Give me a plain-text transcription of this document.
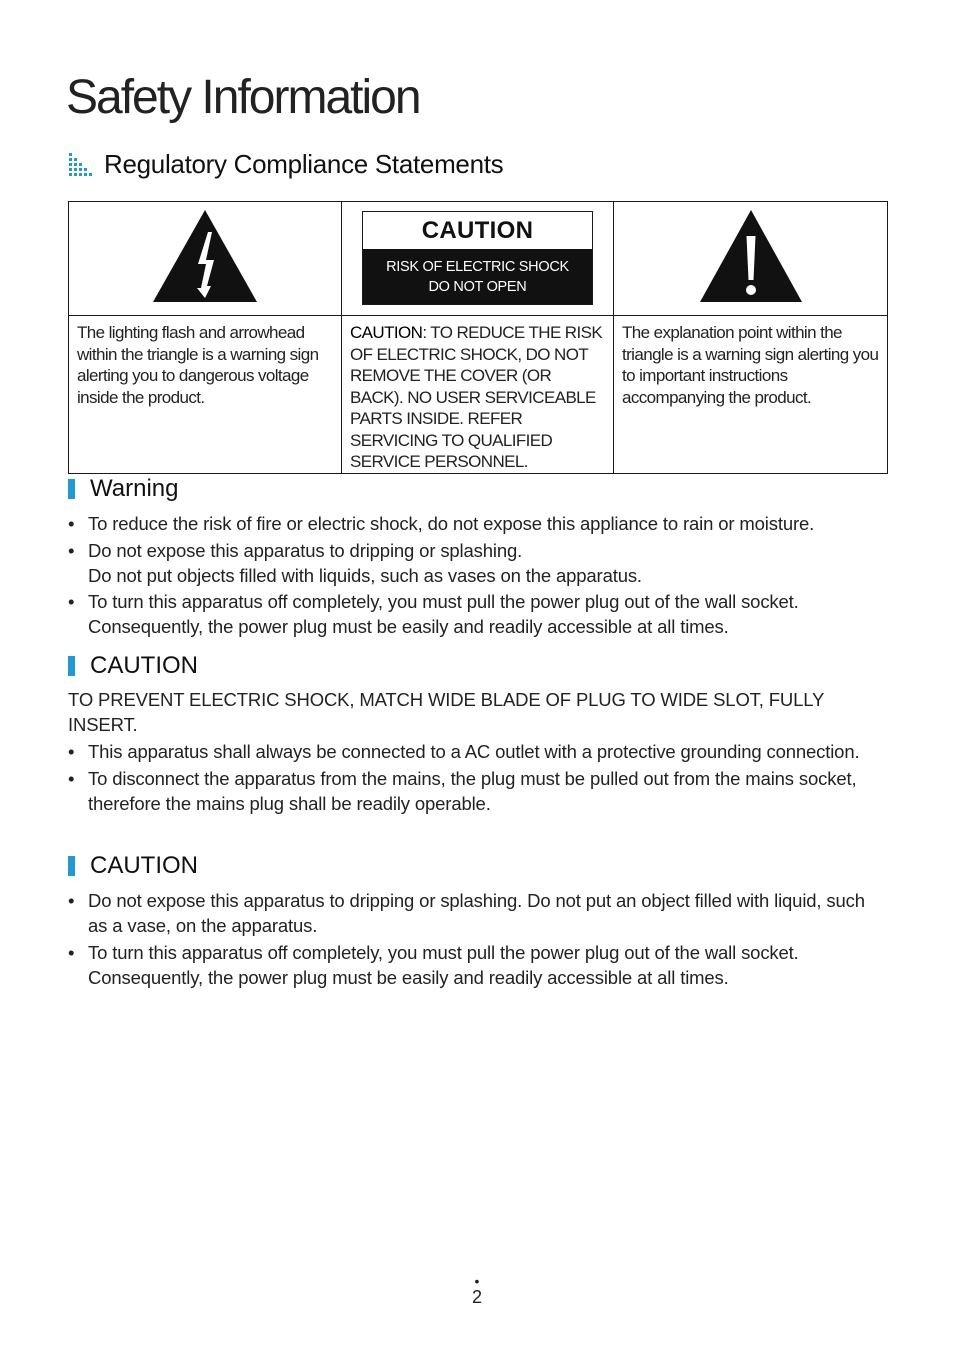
Safety Information
Regulatory Compliance Statements

CAUTION
RISK OF ELECTRIC SHOCK
DO NOT OPEN

The lighting flash and arrowhead within the triangle is a warning sign alerting you to dangerous voltage inside the product.	CAUTION: TO REDUCE THE RISK OF ELECTRIC SHOCK, DO NOT REMOVE THE COVER (OR BACK). NO USER SERVICEABLE PARTS INSIDE. REFER SERVICING TO QUALIFIED SERVICE PERSONNEL.	The explanation point within the triangle is a warning sign alerting you to important instructions accompanying the product.
Warning
• To reduce the risk of fire or electric shock, do not expose this appliance to rain or moisture.
• Do not expose this apparatus to dripping or splashing.
Do not put objects filled with liquids, such as vases on the apparatus.
• To turn this apparatus off completely, you must pull the power plug out of the wall socket. Consequently, the power plug must be easily and readily accessible at all times.
CAUTION

TO PREVENT ELECTRIC SHOCK, MATCH WIDE BLADE OF PLUG TO WIDE SLOT, FULLY INSERT.

• This apparatus shall always be connected to a AC outlet with a protective grounding connection.
• To disconnect the apparatus from the mains, the plug must be pulled out from the mains socket, therefore the mains plug shall be readily operable.
CAUTION
• Do not expose this apparatus to dripping or splashing. Do not put an object filled with liquid, such as a vase, on the apparatus.
• To turn this apparatus off completely, you must pull the power plug out of the wall socket. Consequently, the power plug must be easily and readily accessible at all times.
•
2
